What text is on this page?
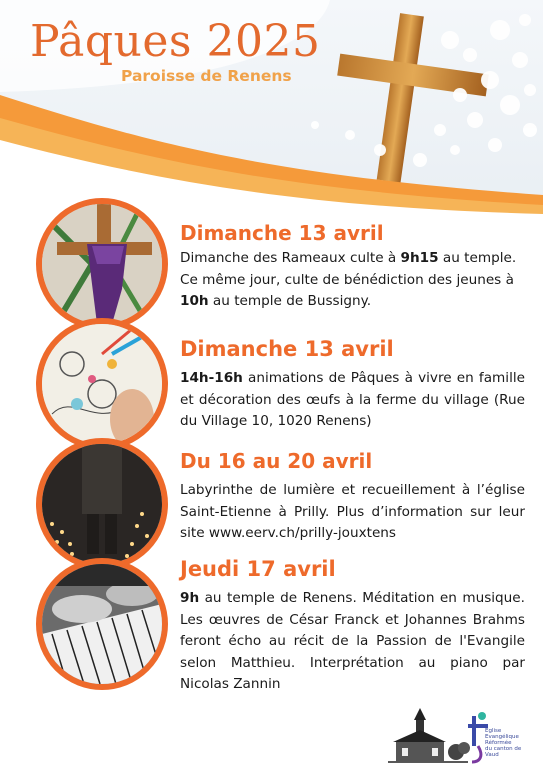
Pâques 2025
Paroisse de Renens
Dimanche 13 avril
Dimanche des Rameaux culte à 9h15 au temple. Ce même jour, culte de bénédiction des jeunes à 10h au temple de Bussigny.
Dimanche 13 avril
14h-16h animations de Pâques à vivre en famille et décoration des œufs à la ferme du village (Rue du Village 10, 1020 Renens)
Du 16 au 20 avril
Labyrinthe de lumière et recueillement à l’église Saint-Etienne à Prilly. Plus d’information sur leur site www.eerv.ch/prilly-jouxtens
Jeudi 17 avril
9h au temple de Renens. Méditation en musique. Les œuvres de César Franck et Johannes Brahms feront écho au récit de la Passion de l'Evangile selon Matthieu. Interprétation au piano par Nicolas Zannin
Eglise
Evangélique
Réformée
du canton de
Vaud
